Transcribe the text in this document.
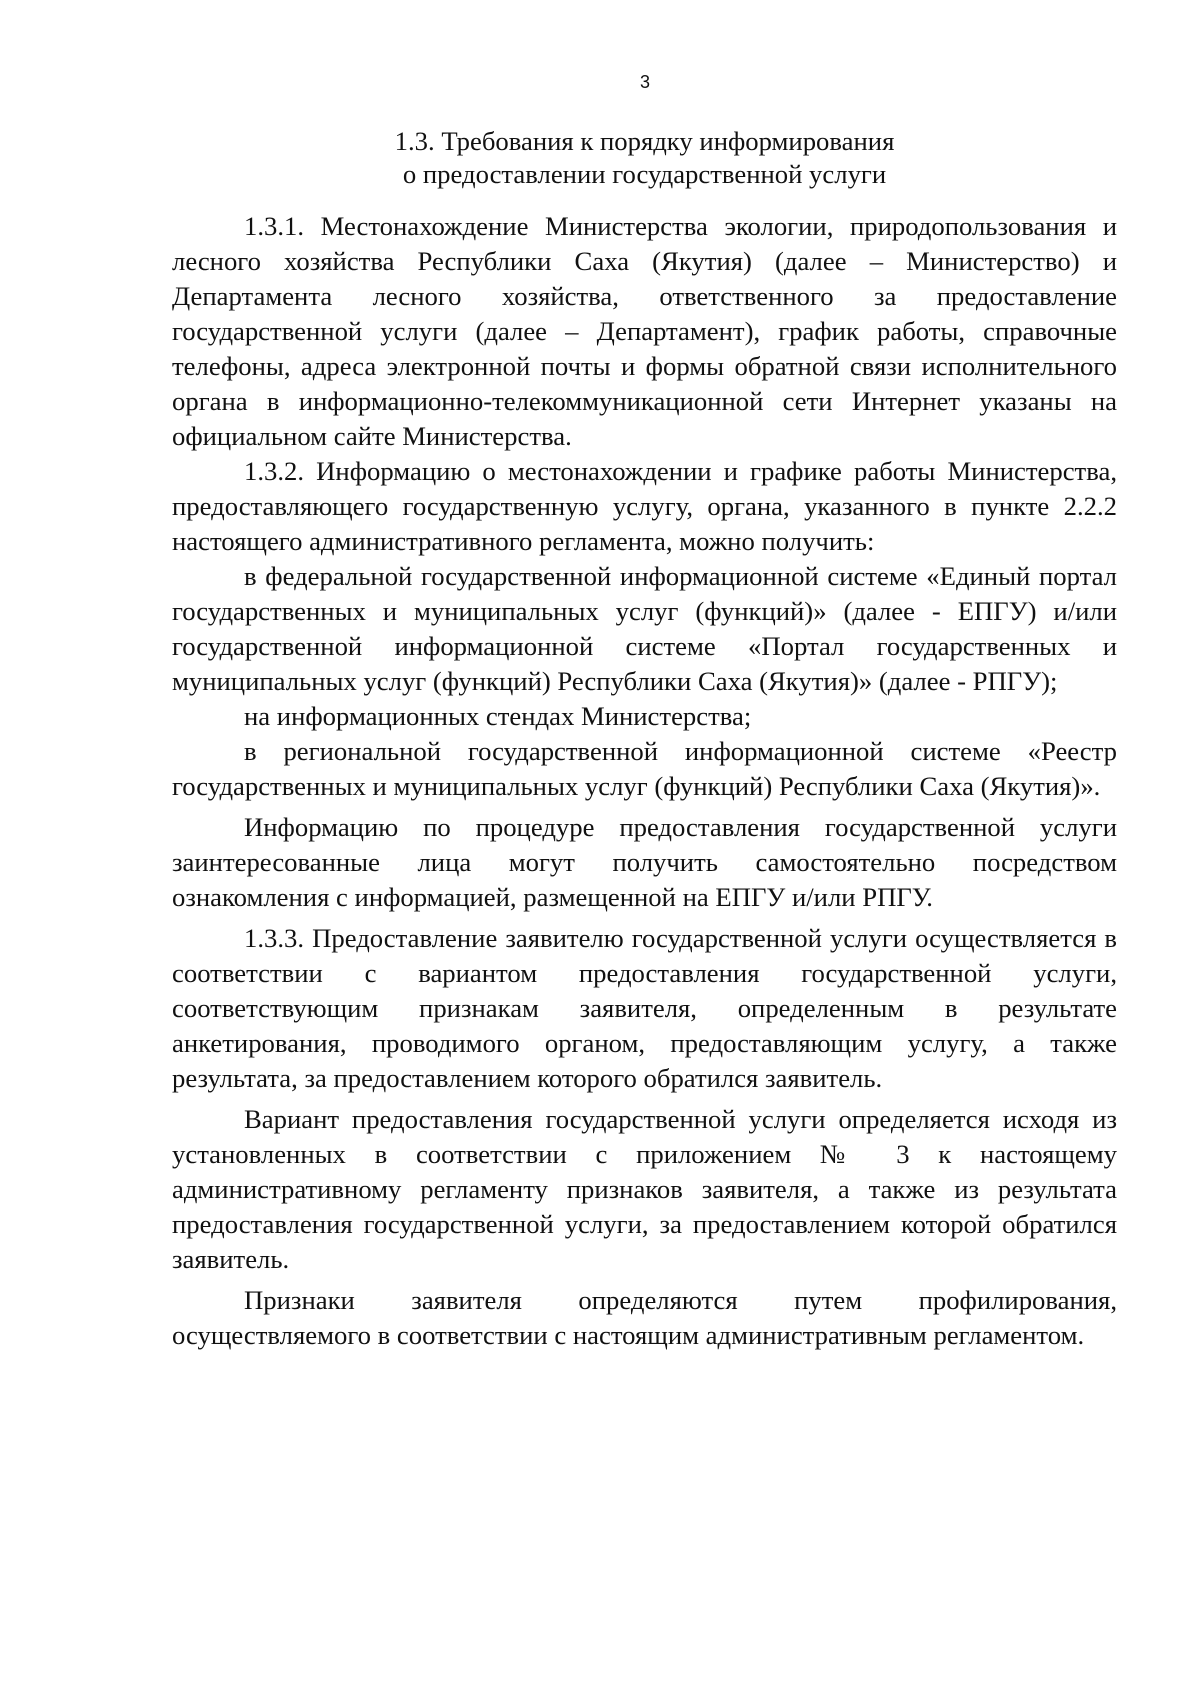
3
1.3. Требования к порядку информирования
о предоставлении государственной услуги

1.3.1. Местонахождение Министерства экологии, природопользования и лесного хозяйства Республики Саха (Якутия) (далее – Министерство) и Департамента лесного хозяйства, ответственного за предоставление государственной услуги (далее – Департамент), график работы, справочные телефоны, адреса электронной почты и формы обратной связи исполнительного органа в информационно-телекоммуникационной сети Интернет указаны на официальном сайте Министерства.

1.3.2. Информацию о местонахождении и графике работы Министерства, предоставляющего государственную услугу, органа, указанного в пункте 2.2.2 настоящего административного регламента, можно получить:

в федеральной государственной информационной системе «Единый портал государственных и муниципальных услуг (функций)» (далее - ЕПГУ) и/или государственной информационной системе «Портал государственных и муниципальных услуг (функций) Республики Саха (Якутия)» (далее - РПГУ);

на информационных стендах Министерства;

в региональной государственной информационной системе «Реестр государственных и муниципальных услуг (функций) Республики Саха (Якутия)».

Информацию по процедуре предоставления государственной услуги заинтересованные лица могут получить самостоятельно посредством ознакомления с информацией, размещенной на ЕПГУ и/или РПГУ.

1.3.3. Предоставление заявителю государственной услуги осуществляется в соответствии с вариантом предоставления государственной услуги, соответствующим признакам заявителя, определенным в результате анкетирования, проводимого органом, предоставляющим услугу, а также результата, за предоставлением которого обратился заявитель.

Вариант предоставления государственной услуги определяется исходя из установленных в соответствии с приложением № 3 к настоящему административному регламенту признаков заявителя, а также из результата предоставления государственной услуги, за предоставлением которой обратился заявитель.

Признаки заявителя определяются путем профилирования, осуществляемого в соответствии с настоящим административным регламентом.
